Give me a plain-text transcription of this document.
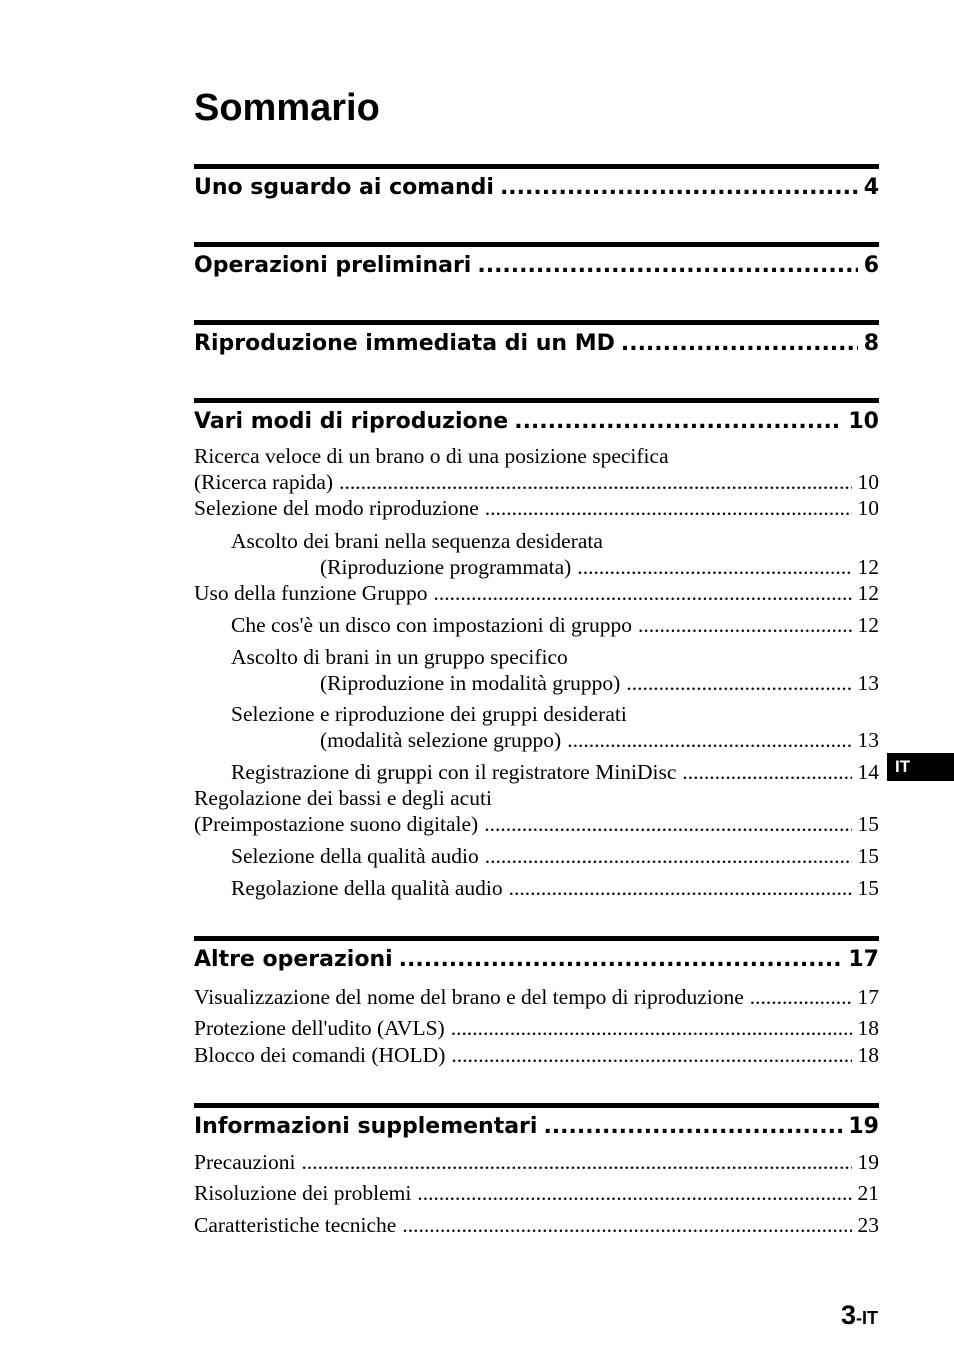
Sommario
Uno sguardo ai comandi .....	4
Operazioni preliminari .....	6
Riproduzione immediata di un MD .....	8
Vari modi di riproduzione .....	10
Ricerca veloce di un brano o di una posizione specifica
(Ricerca rapida) .....	10
Selezione del modo riproduzione .....	10
Ascolto dei brani nella sequenza desiderata
(Riproduzione programmata) .....	12
Uso della funzione Gruppo .....	12
Che cos'è un disco con impostazioni di gruppo .....	12
Ascolto di brani in un gruppo specifico
(Riproduzione in modalità gruppo) .....	13
Selezione e riproduzione dei gruppi desiderati
(modalità selezione gruppo) .....	13
Registrazione di gruppi con il registratore MiniDisc .....	14
Regolazione dei bassi e degli acuti
(Preimpostazione suono digitale) .....	15
Selezione della qualità audio .....	15
Regolazione della qualità audio .....	15
Altre operazioni .....	17
Visualizzazione del nome del brano e del tempo di riproduzione .....	17
Protezione dell'udito (AVLS) .....	18
Blocco dei comandi (HOLD) .....	18
Informazioni supplementari .....	19
Precauzioni .....	19
Risoluzione dei problemi .....	21
Caratteristiche tecniche .....	23
IT
3-IT
